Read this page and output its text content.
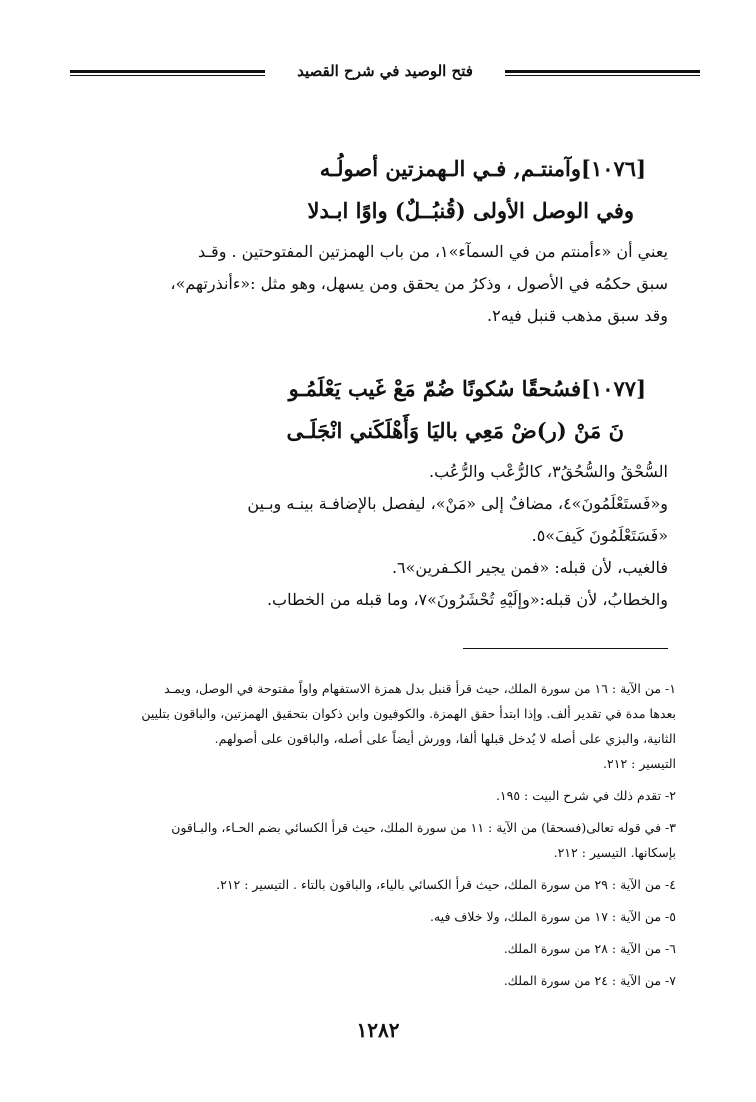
فتح الوصيد في شرح القصيد
[١٠٧٦]وآمنتـم, فـي الـهمزتين أصولُـه
وفي الوصل الأولى (قُنبُــلٌ) واوًا ابـدلا

يعني أن «ءأمنتم من في السمآء»١، من باب الهمزتين المفتوحتين . وقـد

سبق حكمُه في الأصول ، وذكرُ من يحقق ومن يسهل، وهو مثل :«ءأنذرتهم»،

وقد سبق مذهب قنبل فيه٢.

[١٠٧٧]فسُحقًا سُكونًا ضُمّ مَعْ غَيب يَعْلَمُـو
نَ مَنْ (ر)ضْ مَعِي باليَا وَأَهْلَكَني انْجَلَـى

السُّحْقُ والسُّحُقُ٣، كالرُّعْب والرُّعُب.

و«فَستَعْلَمُونَ»٤، مضافٌ إلى «مَنْ»، ليفصل بالإضافـة بينـه وبـين

«فَسَتَعْلَمُونَ كَيفَ»٥.

فالغيب، لأن قبله: «فمن يجير الكـفرين»٦.

والخطابُ، لأن قبله:«وإلَيْهِ تُحْشَرُونَ»٧، وما قبله من الخطاب.

١- من الآية : ١٦ من سورة الملك، حيث قرأ قنبل بدل همزة الاستفهام واواً مفتوحة في الوصل، ويمـد
بعدها مدة في تقدير ألف. وإذا ابتدأ حقق الهمزة. والكوفيون وابن ذكوان بتحقيق الهمزتين، والباقون بتليين
الثانية، والبزي على أصله لا يُدخل قبلها ألفا، وورش أيضاً على أصله، والباقون على أصولهم.
التيسير : ٢١٢.
٢- تقدم ذلك في شرح البيت : ١٩٥.
٣- في قوله تعالى(فسحقا) من الآية : ١١ من سورة الملك، حيث قرأ الكسائي بضم الحـاء، والبـاقون
بإسكانها. التيسير : ٢١٢.
٤- من الآية : ٢٩ من سورة الملك، حيث قرأ الكسائي بالياء، والباقون بالتاء . التيسير : ٢١٢.
٥- من الآية : ١٧ من سورة الملك، ولا خلاف فيه.
٦- من الآية : ٢٨ من سورة الملك.
٧- من الآية : ٢٤ من سورة الملك.
١٢٨٢
